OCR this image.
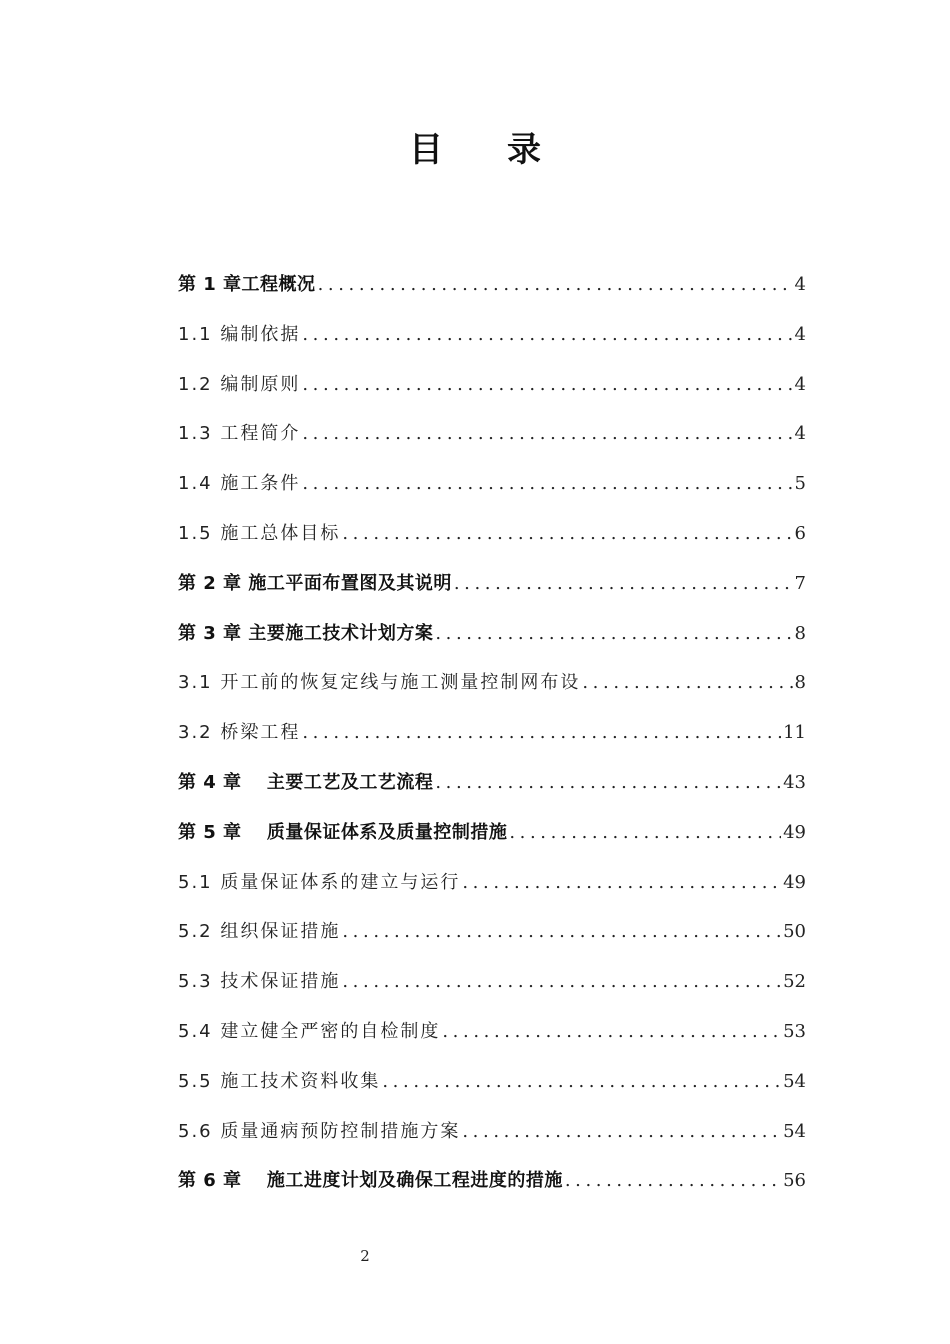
目录
第 1 章工程概况 .....	4
1.1 编制依据 .....	4
1.2 编制原则 .....	4
1.3 工程简介 .....	4
1.4 施工条件 .....	5
1.5 施工总体目标 .....	6
第 2 章 施工平面布置图及其说明 .....	7
第 3 章 主要施工技术计划方案 .....	8
3.1 开工前的恢复定线与施工测量控制网布设 .....	8
3.2 桥梁工程 .....	11
第 4 章　 主要工艺及工艺流程 .....	43
第 5 章　 质量保证体系及质量控制措施 .....	49
5.1 质量保证体系的建立与运行 .....	49
5.2 组织保证措施 .....	50
5.3 技术保证措施 .....	52
5.4 建立健全严密的自检制度 .....	53
5.5 施工技术资料收集 .....	54
5.6 质量通病预防控制措施方案 .....	54
第 6 章　 施工进度计划及确保工程进度的措施 .....	56
2
